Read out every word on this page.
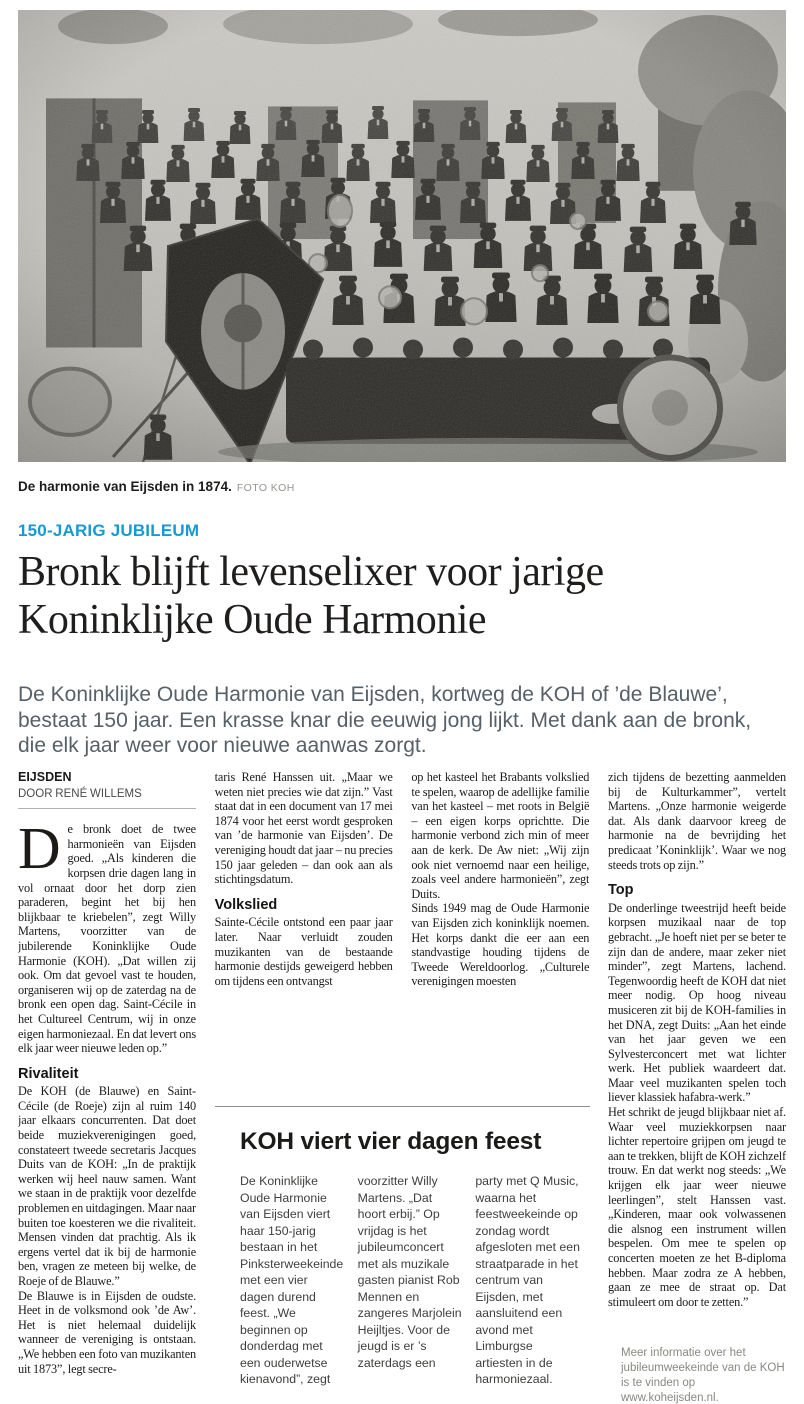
De harmonie van Eijsden in 1874. FOTO KOH
150-JARIG JUBILEUM
Bronk blijft levenselixer voor jarige
Koninklijke Oude Harmonie
De Koninklijke Oude Harmonie van Eijsden, kortweg de KOH of ’de Blauwe’, bestaat 150 jaar. Een krasse knar die eeuwig jong lijkt. Met dank aan de bronk, die elk jaar weer voor nieuwe aanwas zorgt.
EIJSDEN
DOOR RENÉ WILLEMS

De bronk doet de twee harmonieën van Eijsden goed. „Als kinderen die korpsen drie dagen lang in vol ornaat door het dorp zien paraderen, begint het bij hen blijkbaar te kriebelen”, zegt Willy Martens, voorzitter van de jubilerende Koninklijke Oude Harmonie (KOH). „Dat willen zij ook. Om dat gevoel vast te houden, organiseren wij op de zaterdag na de bronk een open dag. Saint-Cécile in het Cultureel Centrum, wij in onze eigen harmoniezaal. En dat levert ons elk jaar weer nieuwe leden op.”

Rivaliteit

De KOH (de Blauwe) en Saint-Cécile (de Roeje) zijn al ruim 140 jaar elkaars concurrenten. Dat doet beide muziekverenigingen goed, constateert tweede secretaris Jacques Duits van de KOH: „In de praktijk werken wij heel nauw samen. Want we staan in de praktijk voor dezelfde problemen en uitdagingen. Maar naar buiten toe koesteren we die rivaliteit. Mensen vinden dat prachtig. Als ik ergens vertel dat ik bij de harmonie ben, vragen ze meteen bij welke, de Roeje of de Blauwe.”

De Blauwe is in Eijsden de oudste. Heet in de volksmond ook ’de Aw’. Het is niet helemaal duidelijk wanneer de vereniging is ontstaan. „We hebben een foto van muzikanten uit 1873”, legt secre-

taris René Hanssen uit. „Maar we weten niet precies wie dat zijn.” Vast staat dat in een document van 17 mei 1874 voor het eerst wordt gesproken van ’de harmonie van Eijsden’. De vereniging houdt dat jaar – nu precies 150 jaar geleden – dan ook aan als stichtingsdatum.

Volkslied

Sainte-Cécile ontstond een paar jaar later. Naar verluidt zouden muzikanten van de bestaande harmonie destijds geweigerd hebben om tijdens een ontvangst

op het kasteel het Brabants volkslied te spelen, waarop de adellijke familie van het kasteel – met roots in België – een eigen korps oprichtte. Die harmonie verbond zich min of meer aan de kerk. De Aw niet: „Wij zijn ook niet vernoemd naar een heilige, zoals veel andere harmonieën”, zegt Duits.

Sinds 1949 mag de Oude Harmonie van Eijsden zich koninklijk noemen. Het korps dankt die eer aan een standvastige houding tijdens de Tweede Wereldoorlog. „Culturele verenigingen moesten

zich tijdens de bezetting aanmelden bij de Kulturkammer”, vertelt Martens. „Onze harmonie weigerde dat. Als dank daarvoor kreeg de harmonie na de bevrijding het predicaat ’Koninklijk’. Waar we nog steeds trots op zijn.”

Top

De onderlinge tweestrijd heeft beide korpsen muzikaal naar de top gebracht. „Je hoeft niet per se beter te zijn dan de andere, maar zeker niet minder”, zegt Martens, lachend. Tegenwoordig heeft de KOH dat niet meer nodig. Op hoog niveau musiceren zit bij de KOH-families in het DNA, zegt Duits: „Aan het einde van het jaar geven we een Sylvesterconcert met wat lichter werk. Het publiek waardeert dat. Maar veel muzikanten spelen toch liever klassiek hafabra-werk.”

Het schrikt de jeugd blijkbaar niet af. Waar veel muziekkorpsen naar lichter repertoire grijpen om jeugd te aan te trekken, blijft de KOH zichzelf trouw. En dat werkt nog steeds: „We krijgen elk jaar weer nieuwe leerlingen”, stelt Hanssen vast. „Kinderen, maar ook volwassenen die alsnog een instrument willen bespelen. Om mee te spelen op concerten moeten ze het B-diploma hebben. Maar zodra ze A hebben, gaan ze mee de straat op. Dat stimuleert om door te zetten.”

KOH viert vier dagen feest
De Koninklijke Oude Harmonie van Eijsden viert haar 150-jarig bestaan in het Pinksterweekeinde met een vier dagen durend feest. „We beginnen op donderdag met een ouderwetse kienavond”, zegt
voorzitter Willy Martens. „Dat hoort erbij.” Op vrijdag is het jubileumconcert met als muzikale gasten pianist Rob Mennen en zangeres Marjolein Heijltjes. Voor de jeugd is er ’s zaterdags een
party met Q Music, waarna het feestweekeinde op zondag wordt afgesloten met een straatparade in het centrum van Eijsden, met aansluitend een avond met Limburgse artiesten in de harmoniezaal.
Meer informatie over het jubileumweekeinde van de KOH is te vinden op www.koheijsden.nl.
